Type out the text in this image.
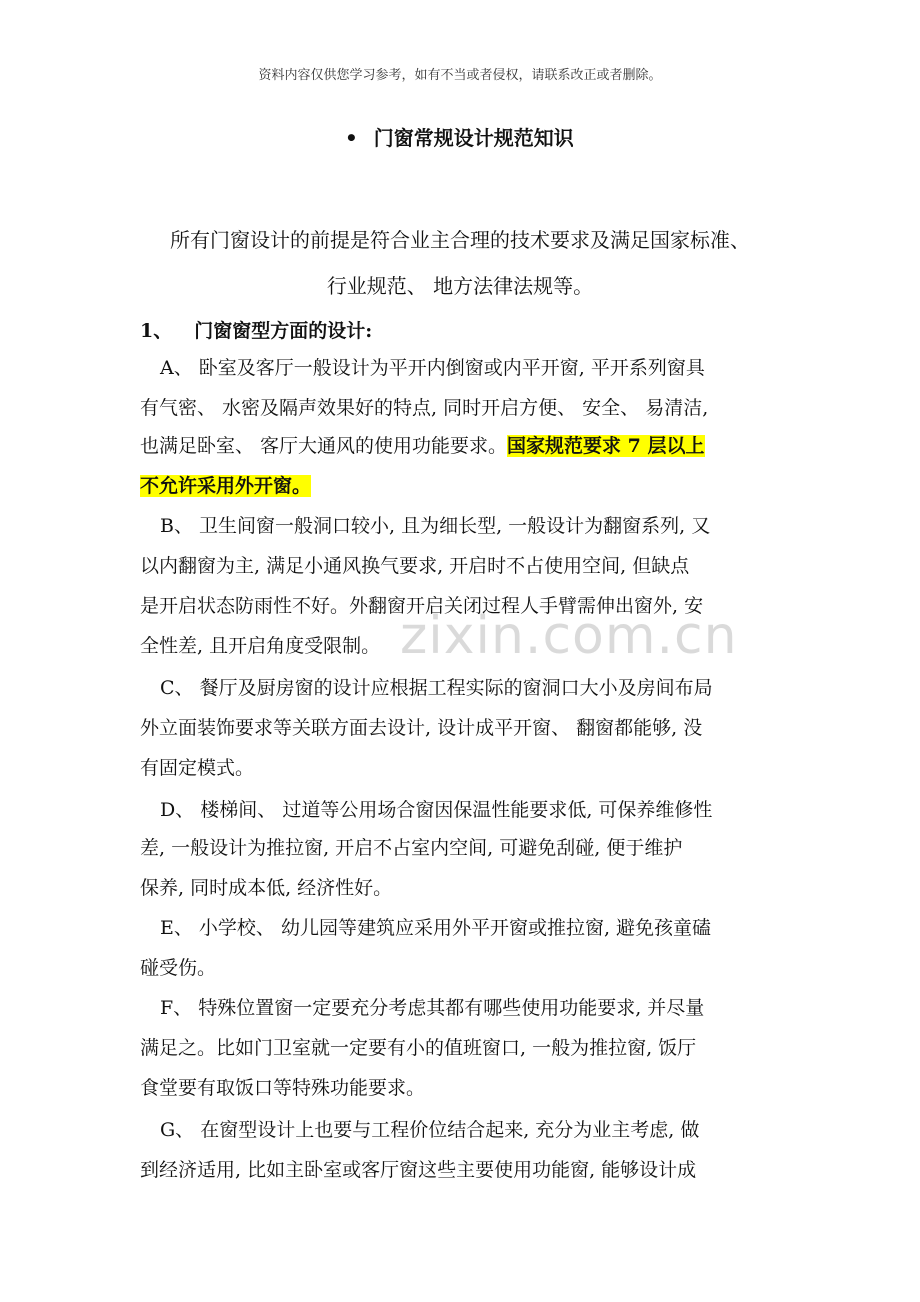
资料内容仅供您学习参考，如有不当或者侵权，请联系改正或者删除。
• 门窗常规设计规范知识
所有门窗设计的前提是符合业主合理的技术要求及满足国家标准、
行业规范、 地方法律法规等。
1、 门窗窗型方面的设计:
A、 卧室及客厅一般设计为平开内倒窗或内平开窗, 平开系列窗具
有气密、 水密及隔声效果好的特点, 同时开启方便、 安全、 易清洁,
也满足卧室、 客厅大通风的使用功能要求。国家规范要求 7 层以上
不允许采用外开窗。
B、 卫生间窗一般洞口较小, 且为细长型, 一般设计为翻窗系列, 又
以内翻窗为主, 满足小通风换气要求, 开启时不占使用空间, 但缺点
是开启状态防雨性不好。外翻窗开启关闭过程人手臂需伸出窗外, 安
全性差, 且开启角度受限制。
C、 餐厅及厨房窗的设计应根据工程实际的窗洞口大小及房间布局
外立面装饰要求等关联方面去设计, 设计成平开窗、 翻窗都能够, 没
有固定模式。
D、 楼梯间、 过道等公用场合窗因保温性能要求低, 可保养维修性
差, 一般设计为推拉窗, 开启不占室内空间, 可避免刮碰, 便于维护
保养, 同时成本低, 经济性好。
E、 小学校、 幼儿园等建筑应采用外平开窗或推拉窗, 避免孩童磕
碰受伤。
F、 特殊位置窗一定要充分考虑其都有哪些使用功能要求, 并尽量
满足之。比如门卫室就一定要有小的值班窗口, 一般为推拉窗, 饭厅
食堂要有取饭口等特殊功能要求。
G、 在窗型设计上也要与工程价位结合起来, 充分为业主考虑, 做
到经济适用, 比如主卧室或客厅窗这些主要使用功能窗, 能够设计成
zixin.com.cn
